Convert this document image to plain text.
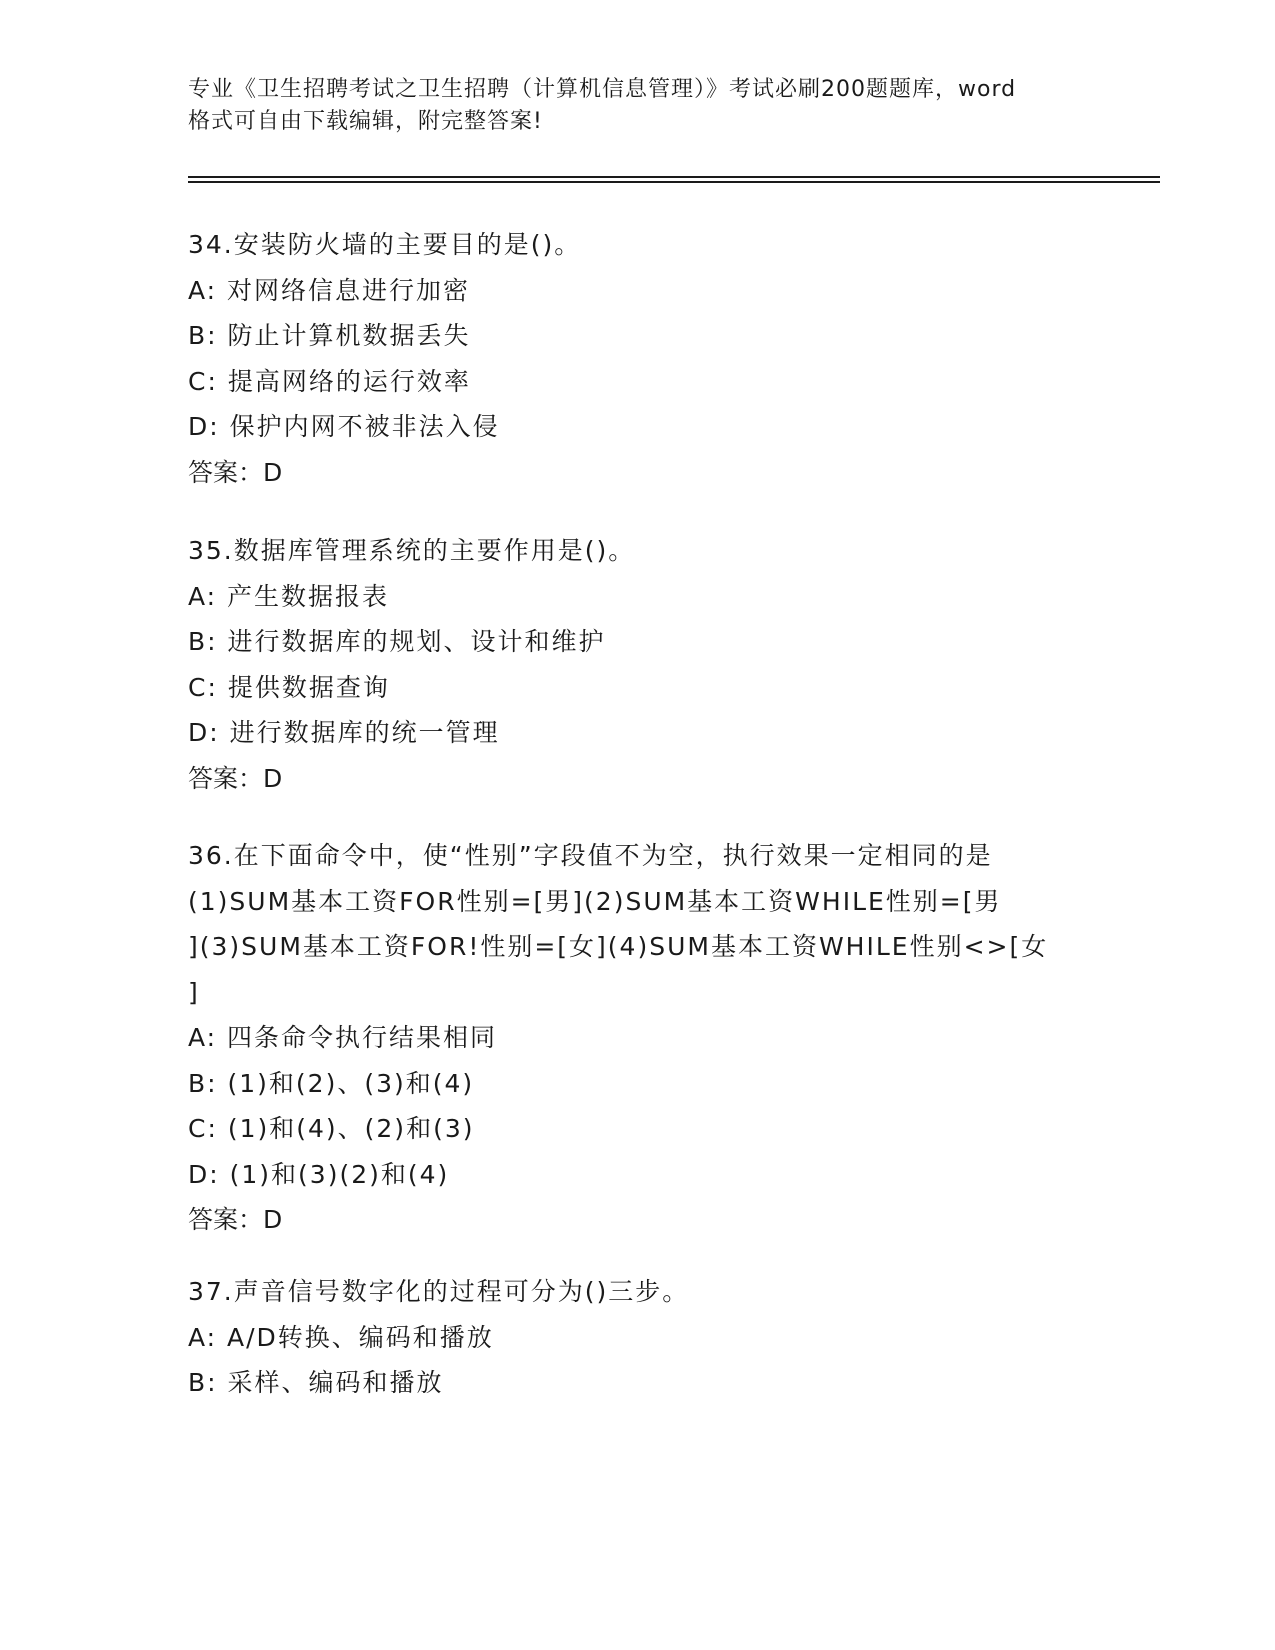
专业《卫生招聘考试之卫生招聘（计算机信息管理）》考试必刷200题题库，word
格式可自由下载编辑，附完整答案!
34.安装防火墙的主要目的是()。
A: 对网络信息进行加密
B: 防止计算机数据丢失
C: 提高网络的运行效率
D: 保护内网不被非法入侵
答案：D
35.数据库管理系统的主要作用是()。
A: 产生数据报表
B: 进行数据库的规划、设计和维护
C: 提供数据查询
D: 进行数据库的统一管理
答案：D
36.在下面命令中，使“性别”字段值不为空，执行效果一定相同的是
(1)SUM基本工资FOR性别=[男](2)SUM基本工资WHILE性别=[男
](3)SUM基本工资FOR!性别=[女](4)SUM基本工资WHILE性别<>[女
]
A: 四条命令执行结果相同
B: (1)和(2)、(3)和(4)
C: (1)和(4)、(2)和(3)
D: (1)和(3)(2)和(4)
答案：D
37.声音信号数字化的过程可分为()三步。
A: A/D转换、编码和播放
B: 采样、编码和播放
